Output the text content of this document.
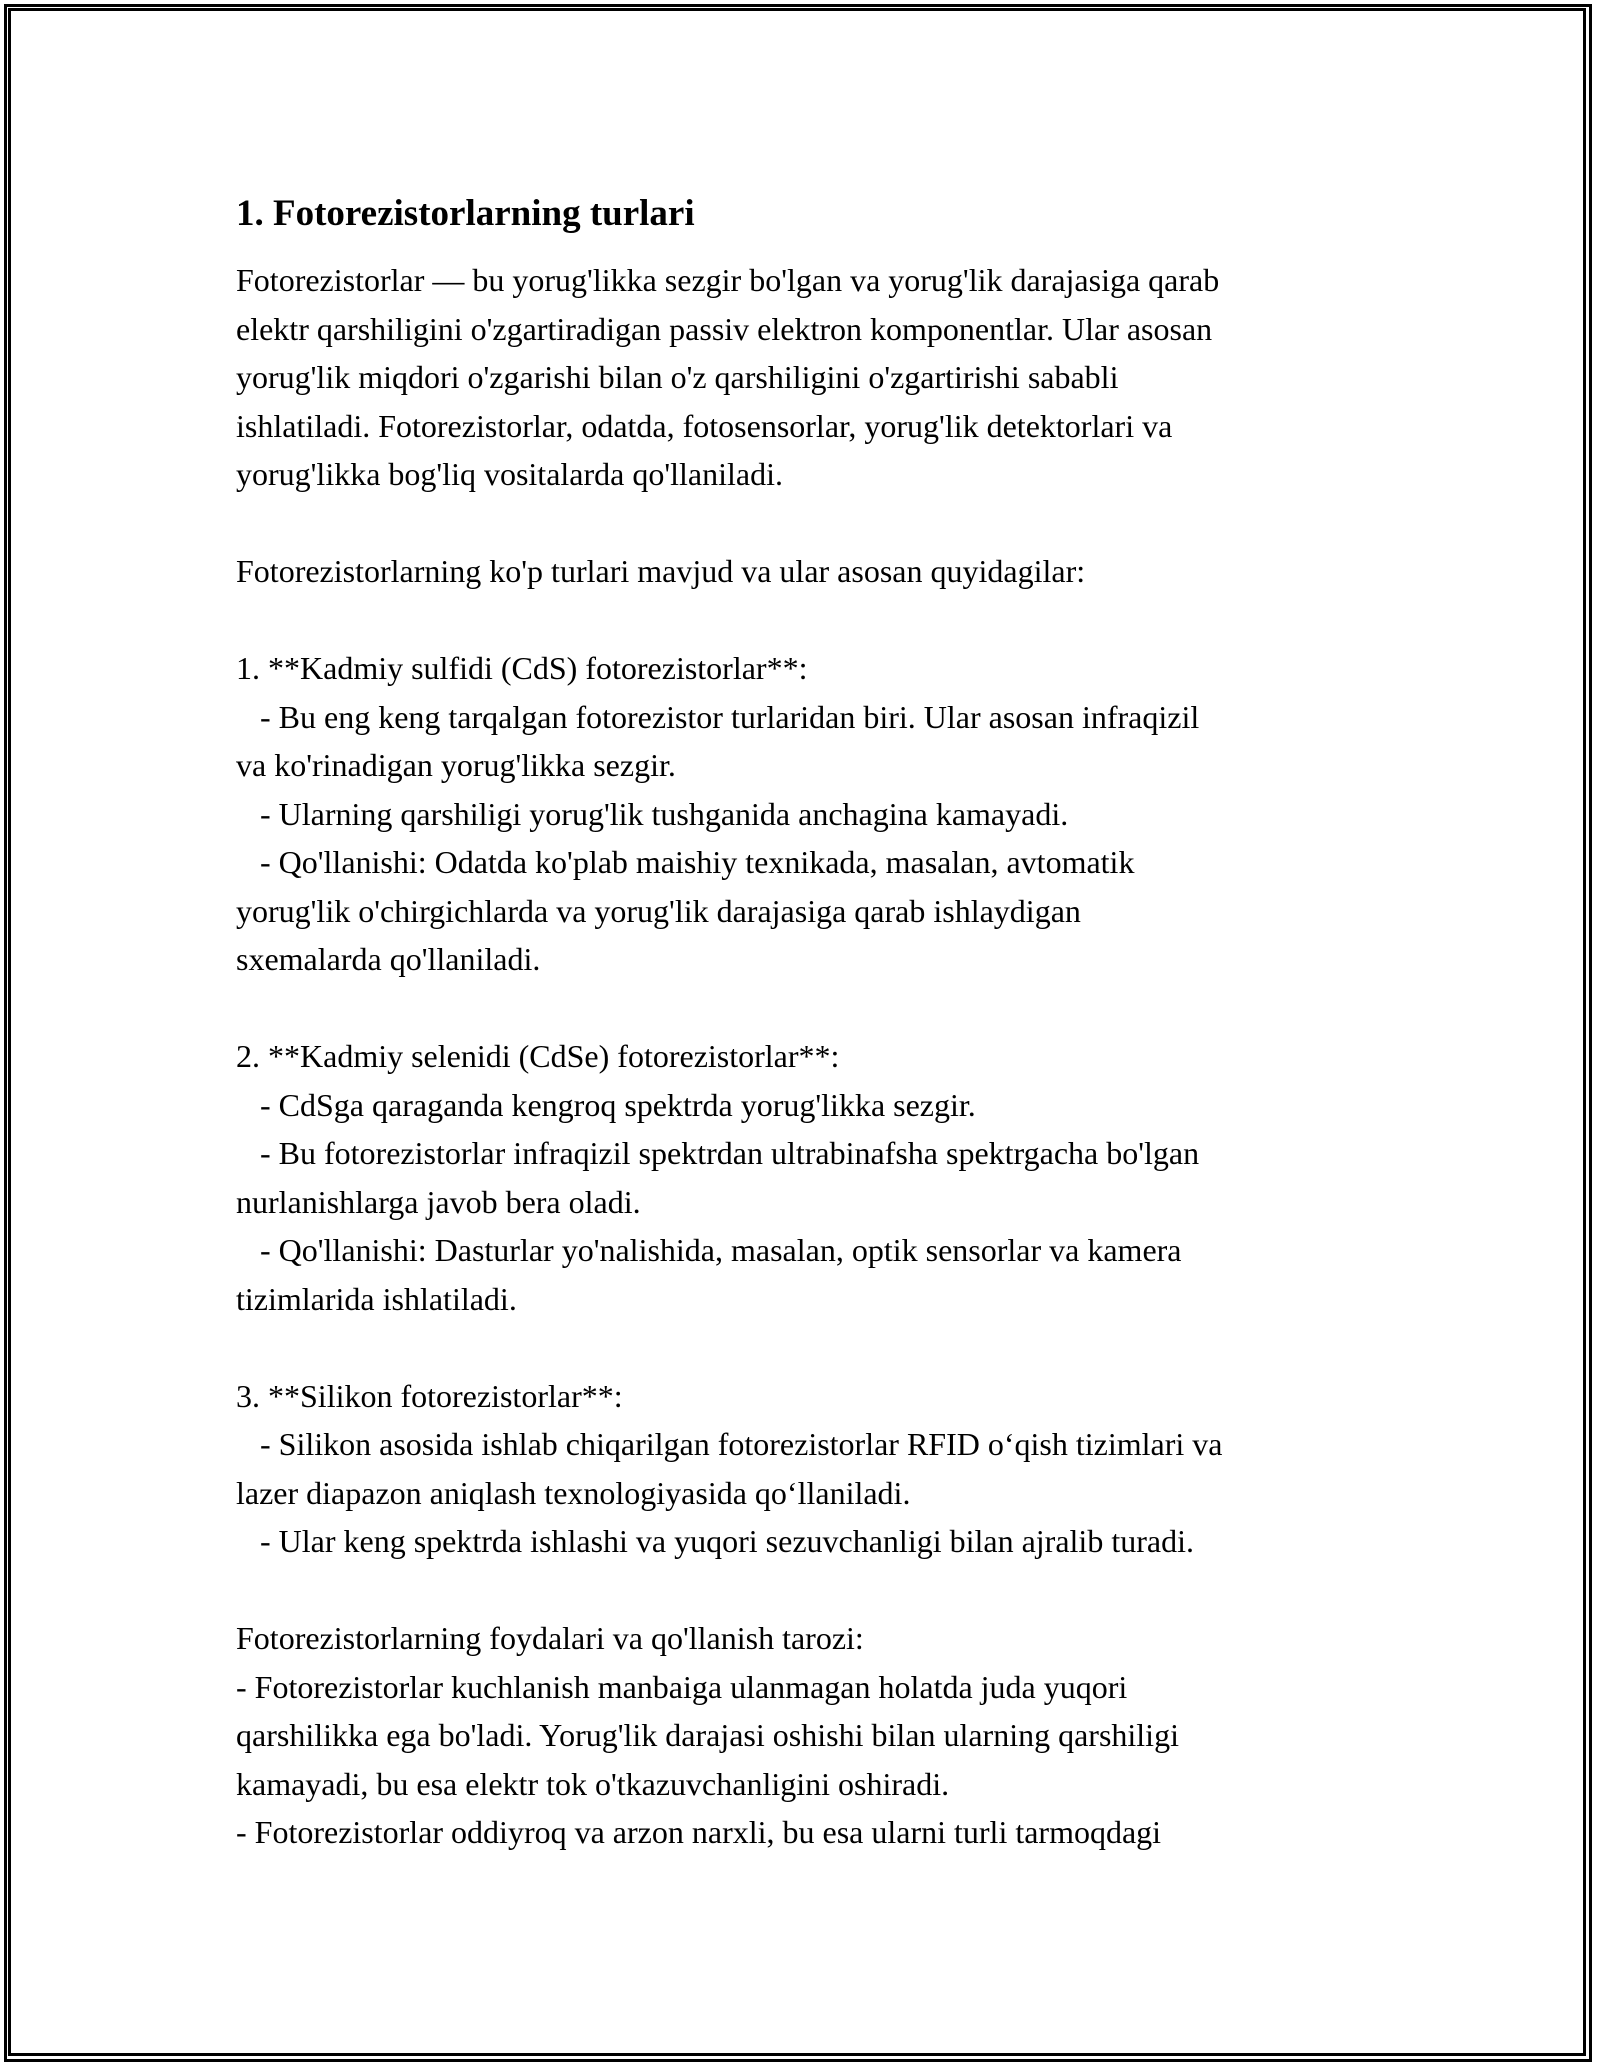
1. Fotorezistorlarning turlari
Fotorezistorlar — bu yorug'likka sezgir bo'lgan va yorug'lik darajasiga qarab
elektr qarshiligini o'zgartiradigan passiv elektron komponentlar. Ular asosan
yorug'lik miqdori o'zgarishi bilan o'z qarshiligini o'zgartirishi sababli
ishlatiladi. Fotorezistorlar, odatda, fotosensorlar, yorug'lik detektorlari va
yorug'likka bog'liq vositalarda qo'llaniladi.
Fotorezistorlarning ko'p turlari mavjud va ular asosan quyidagilar:
1. **Kadmiy sulfidi (CdS) fotorezistorlar**:
- Bu eng keng tarqalgan fotorezistor turlaridan biri. Ular asosan infraqizil
va ko'rinadigan yorug'likka sezgir.
- Ularning qarshiligi yorug'lik tushganida anchagina kamayadi.
- Qo'llanishi: Odatda ko'plab maishiy texnikada, masalan, avtomatik
yorug'lik o'chirgichlarda va yorug'lik darajasiga qarab ishlaydigan
sxemalarda qo'llaniladi.
2. **Kadmiy selenidi (CdSe) fotorezistorlar**:
- CdSga qaraganda kengroq spektrda yorug'likka sezgir.
- Bu fotorezistorlar infraqizil spektrdan ultrabinafsha spektrgacha bo'lgan
nurlanishlarga javob bera oladi.
- Qo'llanishi: Dasturlar yo'nalishida, masalan, optik sensorlar va kamera
tizimlarida ishlatiladi.
3. **Silikon fotorezistorlar**:
- Silikon asosida ishlab chiqarilgan fotorezistorlar RFID o‘qish tizimlari va
lazer diapazon aniqlash texnologiyasida qo‘llaniladi.
- Ular keng spektrda ishlashi va yuqori sezuvchanligi bilan ajralib turadi.
Fotorezistorlarning foydalari va qo'llanish tarozi:
- Fotorezistorlar kuchlanish manbaiga ulanmagan holatda juda yuqori
qarshilikka ega bo'ladi. Yorug'lik darajasi oshishi bilan ularning qarshiligi
kamayadi, bu esa elektr tok o'tkazuvchanligini oshiradi.
- Fotorezistorlar oddiyroq va arzon narxli, bu esa ularni turli tarmoqdagi
